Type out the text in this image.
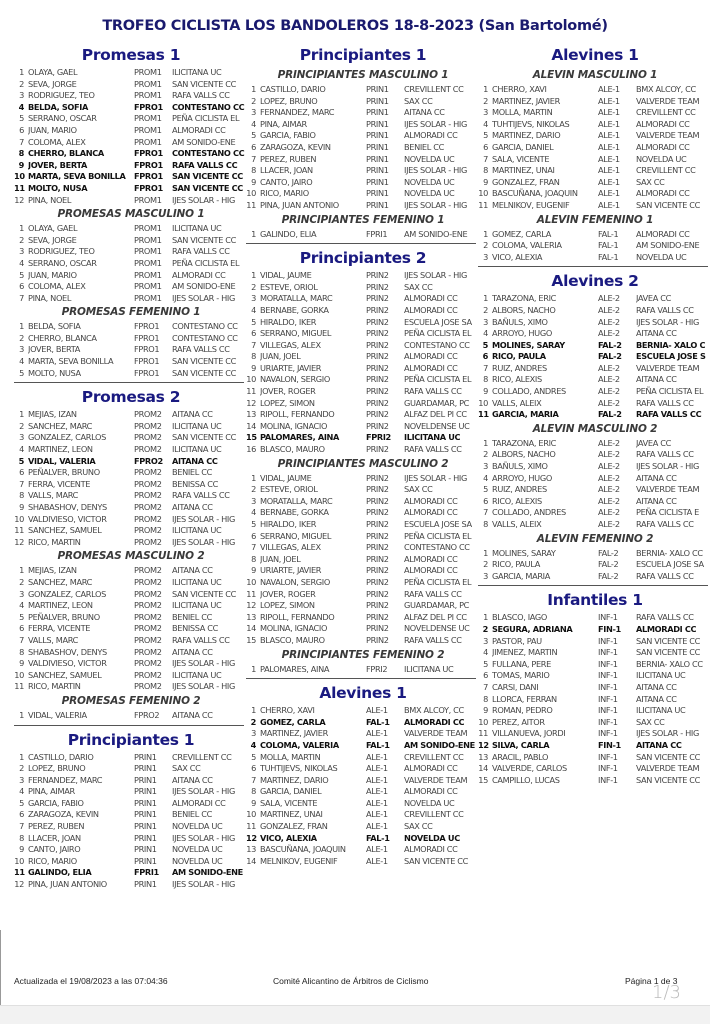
TROFEO CICLISTA LOS BANDOLEROS 18-8-2023 (San Bartolomé)
Promesas 1
1 OLAYA, GAEL	PROM1	ILICITANA UC
2 SEVA, JORGE	PROM1	SAN VICENTE CC
3 RODRIGUEZ, TEO	PROM1	RAFA VALLS CC
4 BELDA, SOFIA	FPRO1	CONTESTANO CC
5 SERRANO, OSCAR	PROM1	PEÑA CICLISTA EL
6 JUAN, MARIO	PROM1	ALMORADI CC
7 COLOMA, ALEX	PROM1	AM SONIDO-ENE
8 CHERRO, BLANCA	FPRO1	CONTESTANO CC
9 JOVER, BERTA	FPRO1	RAFA VALLS CC
10 MARTA, SEVA BONILLA	FPRO1	SAN VICENTE CC
11 MOLTO, NUSA	FPRO1	SAN VICENTE CC
12 PINA, NOEL	PROM1	IJES SOLAR - HIG
PROMESAS MASCULINO 1
1 OLAYA, GAEL	PROM1	ILICITANA UC
2 SEVA, JORGE	PROM1	SAN VICENTE CC
3 RODRIGUEZ, TEO	PROM1	RAFA VALLS CC
4 SERRANO, OSCAR	PROM1	PEÑA CICLISTA EL
5 JUAN, MARIO	PROM1	ALMORADI CC
6 COLOMA, ALEX	PROM1	AM SONIDO-ENE
7 PINA, NOEL	PROM1	IJES SOLAR - HIG
PROMESAS FEMENINO 1
1 BELDA, SOFIA	FPRO1	CONTESTANO CC
2 CHERRO, BLANCA	FPRO1	CONTESTANO CC
3 JOVER, BERTA	FPRO1	RAFA VALLS CC
4 MARTA, SEVA BONILLA	FPRO1	SAN VICENTE CC
5 MOLTO, NUSA	FPRO1	SAN VICENTE CC
Promesas 2
1 MEJIAS, IZAN	PROM2	AITANA CC
2 SANCHEZ, MARC	PROM2	ILICITANA UC
3 GONZALEZ, CARLOS	PROM2	SAN VICENTE CC
4 MARTINEZ, LEON	PROM2	ILICITANA UC
5 VIDAL, VALERIA	FPRO2	AITANA CC
6 PEÑALVER, BRUNO	PROM2	BENIEL CC
7 FERRA, VICENTE	PROM2	BENISSA CC
8 VALLS, MARC	PROM2	RAFA VALLS CC
9 SHABASHOV, DENYS	PROM2	AITANA CC
10 VALDIVIESO, VICTOR	PROM2	IJES SOLAR - HIG
11 SANCHEZ, SAMUEL	PROM2	ILICITANA UC
12 RICO, MARTIN	PROM2	IJES SOLAR - HIG
PROMESAS MASCULINO 2
1 MEJIAS, IZAN	PROM2	AITANA CC
2 SANCHEZ, MARC	PROM2	ILICITANA UC
3 GONZALEZ, CARLOS	PROM2	SAN VICENTE CC
4 MARTINEZ, LEON	PROM2	ILICITANA UC
5 PEÑALVER, BRUNO	PROM2	BENIEL CC
6 FERRA, VICENTE	PROM2	BENISSA CC
7 VALLS, MARC	PROM2	RAFA VALLS CC
8 SHABASHOV, DENYS	PROM2	AITANA CC
9 VALDIVIESO, VICTOR	PROM2	IJES SOLAR - HIG
10 SANCHEZ, SAMUEL	PROM2	ILICITANA UC
11 RICO, MARTIN	PROM2	IJES SOLAR - HIG
PROMESAS FEMENINO 2
1 VIDAL, VALERIA	FPRO2	AITANA CC
Principiantes 1
1 CASTILLO, DARIO	PRIN1	CREVILLENT CC
2 LOPEZ, BRUNO	PRIN1	SAX CC
3 FERNANDEZ, MARC	PRIN1	AITANA CC
4 PINA, AIMAR	PRIN1	IJES SOLAR - HIG
5 GARCIA, FABIO	PRIN1	ALMORADI CC
6 ZARAGOZA, KEVIN	PRIN1	BENIEL CC
7 PEREZ, RUBEN	PRIN1	NOVELDA UC
8 LLACER, JOAN	PRIN1	IJES SOLAR - HIG
9 CANTO, JAIRO	PRIN1	NOVELDA UC
10 RICO, MARIO	PRIN1	NOVELDA UC
11 GALINDO, ELIA	FPRI1	AM SONIDO-ENE
12 PINA, JUAN ANTONIO	PRIN1	IJES SOLAR - HIG
Principiantes 1
PRINCIPIANTES MASCULINO 1
1 CASTILLO, DARIO	PRIN1	CREVILLENT CC
2 LOPEZ, BRUNO	PRIN1	SAX CC
3 FERNANDEZ, MARC	PRIN1	AITANA CC
4 PINA, AIMAR	PRIN1	IJES SOLAR - HIG
5 GARCIA, FABIO	PRIN1	ALMORADI CC
6 ZARAGOZA, KEVIN	PRIN1	BENIEL CC
7 PEREZ, RUBEN	PRIN1	NOVELDA UC
8 LLACER, JOAN	PRIN1	IJES SOLAR - HIG
9 CANTO, JAIRO	PRIN1	NOVELDA UC
10 RICO, MARIO	PRIN1	NOVELDA UC
11 PINA, JUAN ANTONIO	PRIN1	IJES SOLAR - HIG
PRINCIPIANTES FEMENINO 1
1 GALINDO, ELIA	FPRI1	AM SONIDO-ENE
Principiantes 2
1 VIDAL, JAUME	PRIN2	IJES SOLAR - HIG
2 ESTEVE, ORIOL	PRIN2	SAX CC
3 MORATALLA, MARC	PRIN2	ALMORADI CC
4 BERNABE, GORKA	PRIN2	ALMORADI CC
5 HIRALDO, IKER	PRIN2	ESCUELA JOSE SA
6 SERRANO, MIGUEL	PRIN2	PEÑA CICLISTA EL
7 VILLEGAS, ALEX	PRIN2	CONTESTANO CC
8 JUAN, JOEL	PRIN2	ALMORADI CC
9 URIARTE, JAVIER	PRIN2	ALMORADI CC
10 NAVALON, SERGIO	PRIN2	PEÑA CICLISTA EL
11 JOVER, ROGER	PRIN2	RAFA VALLS CC
12 LOPEZ, SIMON	PRIN2	GUARDAMAR, PC
13 RIPOLL, FERNANDO	PRIN2	ALFAZ DEL PI CC
14 MOLINA, IGNACIO	PRIN2	NOVELDENSE UC
15 PALOMARES, AINA	FPRI2	ILICITANA UC
16 BLASCO, MAURO	PRIN2	RAFA VALLS CC
PRINCIPIANTES MASCULINO 2
1 VIDAL, JAUME	PRIN2	IJES SOLAR - HIG
2 ESTEVE, ORIOL	PRIN2	SAX CC
3 MORATALLA, MARC	PRIN2	ALMORADI CC
4 BERNABE, GORKA	PRIN2	ALMORADI CC
5 HIRALDO, IKER	PRIN2	ESCUELA JOSE SA
6 SERRANO, MIGUEL	PRIN2	PEÑA CICLISTA EL
7 VILLEGAS, ALEX	PRIN2	CONTESTANO CC
8 JUAN, JOEL	PRIN2	ALMORADI CC
9 URIARTE, JAVIER	PRIN2	ALMORADI CC
10 NAVALON, SERGIO	PRIN2	PEÑA CICLISTA EL
11 JOVER, ROGER	PRIN2	RAFA VALLS CC
12 LOPEZ, SIMON	PRIN2	GUARDAMAR, PC
13 RIPOLL, FERNANDO	PRIN2	ALFAZ DEL PI CC
14 MOLINA, IGNACIO	PRIN2	NOVELDENSE UC
15 BLASCO, MAURO	PRIN2	RAFA VALLS CC
PRINCIPIANTES FEMENINO 2
1 PALOMARES, AINA	FPRI2	ILICITANA UC
Alevines 1
1 CHERRO, XAVI	ALE-1	BMX ALCOY, CC
2 GOMEZ, CARLA	FAL-1	ALMORADI CC
3 MARTINEZ, JAVIER	ALE-1	VALVERDE TEAM
4 COLOMA, VALERIA	FAL-1	AM SONIDO-ENE
5 MOLLA, MARTIN	ALE-1	CREVILLENT CC
6 TUHTIJEVS, NIKOLAS	ALE-1	ALMORADI CC
7 MARTINEZ, DARIO	ALE-1	VALVERDE TEAM
8 GARCIA, DANIEL	ALE-1	ALMORADI CC
9 SALA, VICENTE	ALE-1	NOVELDA UC
10 MARTINEZ, UNAI	ALE-1	CREVILLENT CC
11 GONZALEZ, FRAN	ALE-1	SAX CC
12 VICO, ALEXIA	FAL-1	NOVELDA UC
13 BASCUÑANA, JOAQUIN	ALE-1	ALMORADI CC
14 MELNIKOV, EUGENIF	ALE-1	SAN VICENTE CC
Alevines 1
ALEVIN MASCULINO 1
1 CHERRO, XAVI	ALE-1	BMX ALCOY, CC
2 MARTINEZ, JAVIER	ALE-1	VALVERDE TEAM
3 MOLLA, MARTIN	ALE-1	CREVILLENT CC
4 TUHTIJEVS, NIKOLAS	ALE-1	ALMORADI CC
5 MARTINEZ, DARIO	ALE-1	VALVERDE TEAM
6 GARCIA, DANIEL	ALE-1	ALMORADI CC
7 SALA, VICENTE	ALE-1	NOVELDA UC
8 MARTINEZ, UNAI	ALE-1	CREVILLENT CC
9 GONZALEZ, FRAN	ALE-1	SAX CC
10 BASCUÑANA, JOAQUIN	ALE-1	ALMORADI CC
11 MELNIKOV, EUGENIF	ALE-1	SAN VICENTE CC
ALEVIN FEMENINO 1
1 GOMEZ, CARLA	FAL-1	ALMORADI CC
2 COLOMA, VALERIA	FAL-1	AM SONIDO-ENE
3 VICO, ALEXIA	FAL-1	NOVELDA UC
Alevines 2
1 TARAZONA, ERIC	ALE-2	JAVEA CC
2 ALBORS, NACHO	ALE-2	RAFA VALLS CC
3 BAÑULS, XIMO	ALE-2	IJES SOLAR - HIG
4 ARROYO, HUGO	ALE-2	AITANA CC
5 MOLINES, SARAY	FAL-2	BERNIA- XALO C
6 RICO, PAULA	FAL-2	ESCUELA JOSE S
7 RUIZ, ANDRES	ALE-2	VALVERDE TEAM
8 RICO, ALEXIS	ALE-2	AITANA CC
9 COLLADO, ANDRES	ALE-2	PEÑA CICLISTA EL
10 VALLS, ALEIX	ALE-2	RAFA VALLS CC
11 GARCIA, MARIA	FAL-2	RAFA VALLS CC
ALEVIN MASCULINO 2
1 TARAZONA, ERIC	ALE-2	JAVEA CC
2 ALBORS, NACHO	ALE-2	RAFA VALLS CC
3 BAÑULS, XIMO	ALE-2	IJES SOLAR - HIG
4 ARROYO, HUGO	ALE-2	AITANA CC
5 RUIZ, ANDRES	ALE-2	VALVERDE TEAM
6 RICO, ALEXIS	ALE-2	AITANA CC
7 COLLADO, ANDRES	ALE-2	PEÑA CICLISTA E
8 VALLS, ALEIX	ALE-2	RAFA VALLS CC
ALEVIN FEMENINO 2
1 MOLINES, SARAY	FAL-2	BERNIA- XALO CC
2 RICO, PAULA	FAL-2	ESCUELA JOSE SA
3 GARCIA, MARIA	FAL-2	RAFA VALLS CC
Infantiles 1
1 BLASCO, IAGO	INF-1	RAFA VALLS CC
2 SEGURA, ADRIANA	FIN-1	ALMORADI CC
3 PASTOR, PAU	INF-1	SAN VICENTE CC
4 JIMENEZ, MARTIN	INF-1	SAN VICENTE CC
5 FULLANA, PERE	INF-1	BERNIA- XALO CC
6 TOMAS, MARIO	INF-1	ILICITANA UC
7 CARSI, DANI	INF-1	AITANA CC
8 LLORCA, FERRAN	INF-1	AITANA CC
9 ROMAN, PEDRO	INF-1	ILICITANA UC
10 PEREZ, AITOR	INF-1	SAX CC
11 VILLANUEVA, JORDI	INF-1	IJES SOLAR - HIG
12 SILVA, CARLA	FIN-1	AITANA CC
13 ARACIL, PABLO	INF-1	SAN VICENTE CC
14 VALVERDE, CARLOS	INF-1	VALVERDE TEAM
15 CAMPILLO, LUCAS	INF-1	SAN VICENTE CC
Actualizada el 19/08/2023 a las 07:04:36	Comité Alicantino de Árbitros de Ciclismo	Página 1 de 3
1/3
